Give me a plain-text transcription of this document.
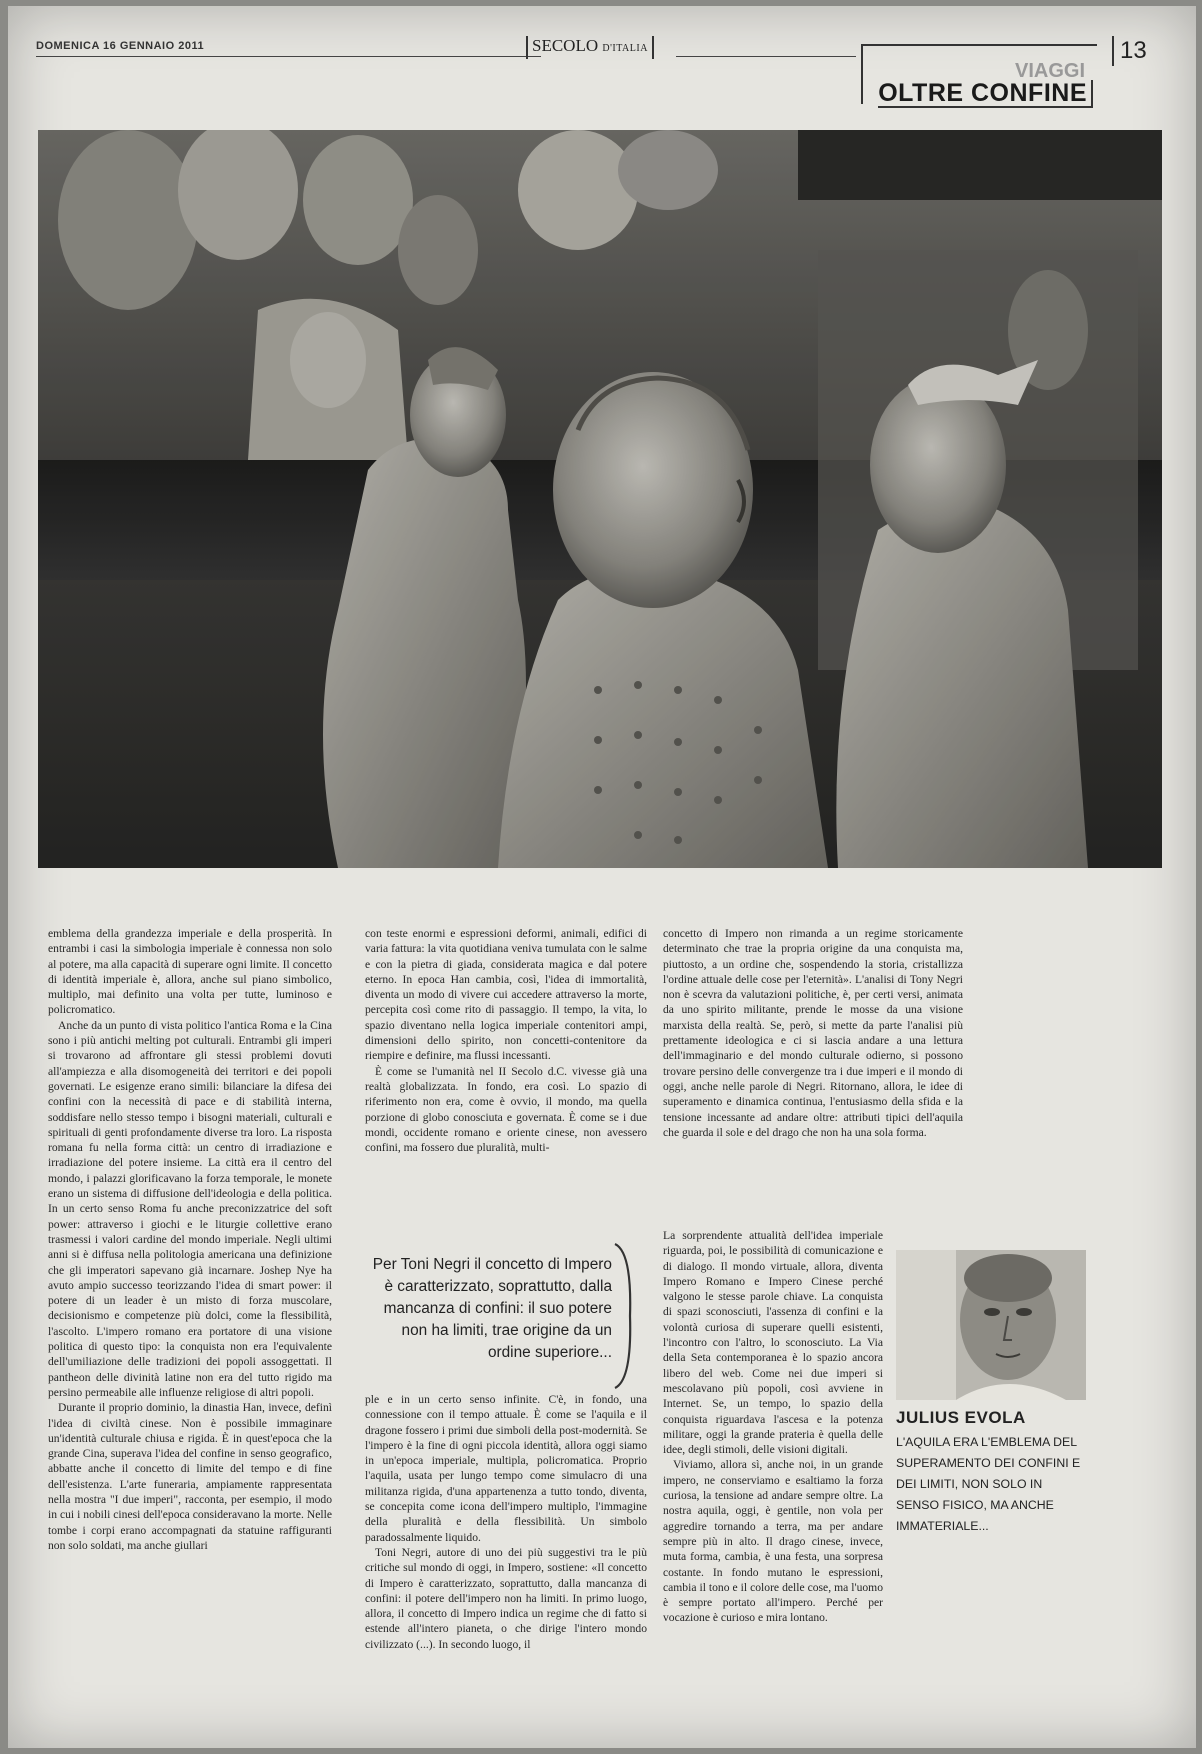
DOMENICA 16 GENNAIO 2011	SECOLO D'ITALIA
VIAGGI
OLTRE CONFINE
13

emblema della grandezza imperiale e della prosperità. In entrambi i casi la simbologia imperiale è connessa non solo al potere, ma alla capacità di superare ogni limite. Il concetto di identità imperiale è, allora, anche sul piano simbolico, multiplo, mai definito una volta per tutte, luminoso e policromatico.

Anche da un punto di vista politico l'antica Roma e la Cina sono i più antichi melting pot culturali. Entrambi gli imperi si trovarono ad affrontare gli stessi problemi dovuti all'ampiezza e alla disomogeneità dei territori e dei popoli governati. Le esigenze erano simili: bilanciare la difesa dei confini con la necessità di pace e di stabilità interna, soddisfare nello stesso tempo i bisogni materiali, culturali e spirituali di genti profondamente diverse tra loro. La risposta romana fu nella forma città: un centro di irradiazione e irradiazione del potere insieme. La città era il centro del mondo, i palazzi glorificavano la forza temporale, le monete erano un sistema di diffusione dell'ideologia e della politica. In un certo senso Roma fu anche preconizzatrice del soft power: attraverso i giochi e le liturgie collettive erano trasmessi i valori cardine del mondo imperiale. Negli ultimi anni si è diffusa nella politologia americana una definizione che gli imperatori sapevano già incarnare. Joshep Nye ha avuto ampio successo teorizzando l'idea di smart power: il potere di un leader è un misto di forza muscolare, decisionismo e competenze più dolci, come la flessibilità, l'ascolto. L'impero romano era portatore di una visione politica di questo tipo: la conquista non era l'equivalente dell'umiliazione delle tradizioni dei popoli assoggettati. Il pantheon delle divinità latine non era del tutto rigido ma persino permeabile alle influenze religiose di altri popoli.

Durante il proprio dominio, la dinastia Han, invece, definì l'idea di civiltà cinese. Non è possibile immaginare un'identità culturale chiusa e rigida. È in quest'epoca che la grande Cina, superava l'idea del confine in senso geografico, abbatte anche il concetto di limite del tempo e di fine dell'esistenza. L'arte funeraria, ampiamente rappresentata nella mostra "I due imperi", racconta, per esempio, il modo in cui i nobili cinesi dell'epoca consideravano la morte. Nelle tombe i corpi erano accompagnati da statuine raffiguranti non solo soldati, ma anche giullari

con teste enormi e espressioni deformi, animali, edifici di varia fattura: la vita quotidiana veniva tumulata con le salme e con la pietra di giada, considerata magica e dal potere eterno. In epoca Han cambia, così, l'idea di immortalità, diventa un modo di vivere cui accedere attraverso la morte, percepita così come rito di passaggio. Il tempo, la vita, lo spazio diventano nella logica imperiale contenitori ampi, dimensioni dello spirito, non concetti-contenitore da riempire e definire, ma flussi incessanti.

È come se l'umanità nel II Secolo d.C. vivesse già una realtà globalizzata. In fondo, era così. Lo spazio di riferimento non era, come è ovvio, il mondo, ma quella porzione di globo conosciuta e governata. È come se i due mondi, occidente romano e oriente cinese, non avessero confini, ma fossero due pluralità, multi-

Per Toni Negri il concetto di Impero è caratterizzato, soprattutto, dalla mancanza di confini: il suo potere non ha limiti, trae origine da un ordine superiore...

ple e in un certo senso infinite. C'è, in fondo, una connessione con il tempo attuale. È come se l'aquila e il dragone fossero i primi due simboli della post-modernità. Se l'impero è la fine di ogni piccola identità, allora oggi siamo in un'epoca imperiale, multipla, policromatica. Proprio l'aquila, usata per lungo tempo come simulacro di una militanza rigida, d'una appartenenza a tutto tondo, diventa, se concepita come icona dell'impero multiplo, l'immagine della pluralità e della flessibilità. Un simbolo paradossalmente liquido.

Toni Negri, autore di uno dei più suggestivi tra le più critiche sul mondo di oggi, in Impero, sostiene: «Il concetto di Impero è caratterizzato, soprattutto, dalla mancanza di confini: il potere dell'impero non ha limiti. In primo luogo, allora, il concetto di Impero indica un regime che di fatto si estende all'intero pianeta, o che dirige l'intero mondo civilizzato (...). In secondo luogo, il

concetto di Impero non rimanda a un regime storicamente determinato che trae la propria origine da una conquista ma, piuttosto, a un ordine che, sospendendo la storia, cristallizza l'ordine attuale delle cose per l'eternità». L'analisi di Tony Negri non è scevra da valutazioni politiche, è, per certi versi, animata da uno spirito militante, prende le mosse da una visione marxista della realtà. Se, però, si mette da parte l'analisi più prettamente ideologica e ci si lascia andare a una lettura dell'immaginario e del mondo culturale odierno, si possono trovare persino delle convergenze tra i due imperi e il mondo di oggi, anche nelle parole di Negri. Ritornano, allora, le idee di superamento e dinamica continua, l'entusiasmo della sfida e la tensione incessante ad andare oltre: attributi tipici dell'aquila che guarda il sole e del drago che non ha una sola forma.

La sorprendente attualità dell'idea imperiale riguarda, poi, le possibilità di comunicazione e di dialogo. Il mondo virtuale, allora, diventa Impero Romano e Impero Cinese perché valgono le stesse parole chiave. La conquista di spazi sconosciuti, l'assenza di confini e la volontà curiosa di superare quelli esistenti, l'incontro con l'altro, lo sconosciuto. La Via della Seta contemporanea è lo spazio ancora libero del web. Come nei due imperi si mescolavano più popoli, così avviene in Internet. Se, un tempo, lo spazio della conquista riguardava l'ascesa e la potenza militare, oggi la grande prateria è quella delle idee, degli stimoli, delle visioni digitali.

Viviamo, allora sì, anche noi, in un grande impero, ne conserviamo e esaltiamo la forza curiosa, la tensione ad andare sempre oltre. La nostra aquila, oggi, è gentile, non vola per aggredire tornando a terra, ma per andare sempre più in alto. Il drago cinese, invece, muta forma, cambia, è una festa, una sorpresa costante. In fondo mutano le espressioni, cambia il tono e il colore delle cose, ma l'uomo è sempre portato all'impero. Perché per vocazione è curioso e mira lontano.

JULIUS EVOLA
L'AQUILA ERA L'EMBLEMA DEL SUPERAMENTO DEI CONFINI E DEI LIMITI, NON SOLO IN SENSO FISICO, MA ANCHE IMMATERIALE...
